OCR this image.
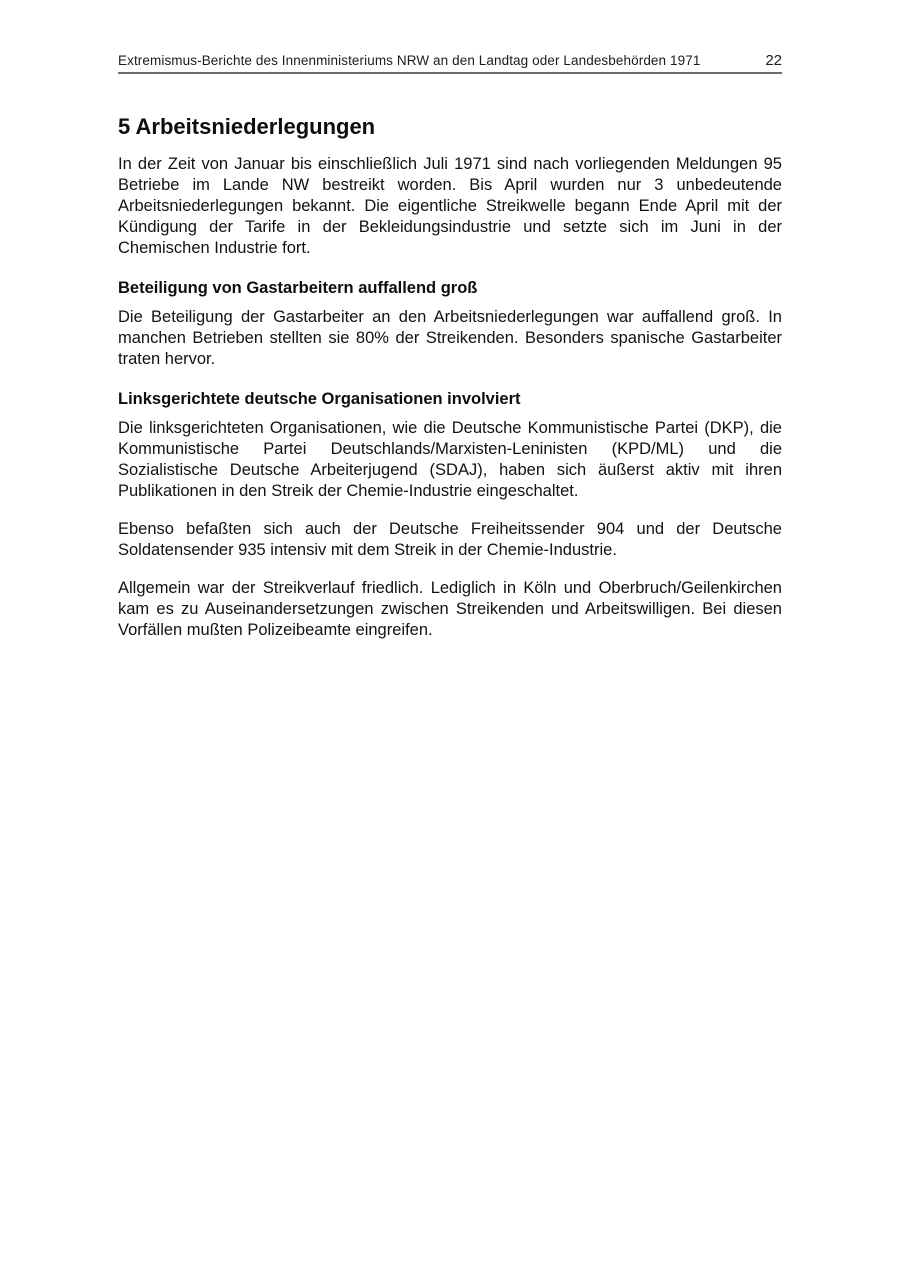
Extremismus-Berichte des Innenministeriums NRW an den Landtag oder Landesbehörden 1971	22
5 Arbeitsniederlegungen

In der Zeit von Januar bis einschließlich Juli 1971 sind nach vorliegenden Meldungen 95 Betriebe im Lande NW bestreikt worden. Bis April wurden nur 3 unbedeutende Arbeitsniederlegungen bekannt. Die eigentliche Streikwelle begann Ende April mit der Kündigung der Tarife in der Bekleidungsindustrie und setzte sich im Juni in der Chemischen Industrie fort.

Beteiligung von Gastarbeitern auffallend groß

Die Beteiligung der Gastarbeiter an den Arbeitsniederlegungen war auffallend groß. In manchen Betrieben stellten sie 80% der Streikenden. Besonders spanische Gastarbeiter traten hervor.

Linksgerichtete deutsche Organisationen involviert

Die linksgerichteten Organisationen, wie die Deutsche Kommunistische Partei (DKP), die Kommunistische Partei Deutschlands/Marxisten-Leninisten (KPD/ML) und die Sozialistische Deutsche Arbeiterjugend (SDAJ), haben sich äußerst aktiv mit ihren Publikationen in den Streik der Chemie-Industrie eingeschaltet.

Ebenso befaßten sich auch der Deutsche Freiheitssender 904 und der Deutsche Soldatensender 935 intensiv mit dem Streik in der Chemie-Industrie.

Allgemein war der Streikverlauf friedlich. Lediglich in Köln und Oberbruch/Geilenkirchen kam es zu Auseinandersetzungen zwischen Streikenden und Arbeitswilligen. Bei diesen Vorfällen mußten Polizeibeamte eingreifen.
